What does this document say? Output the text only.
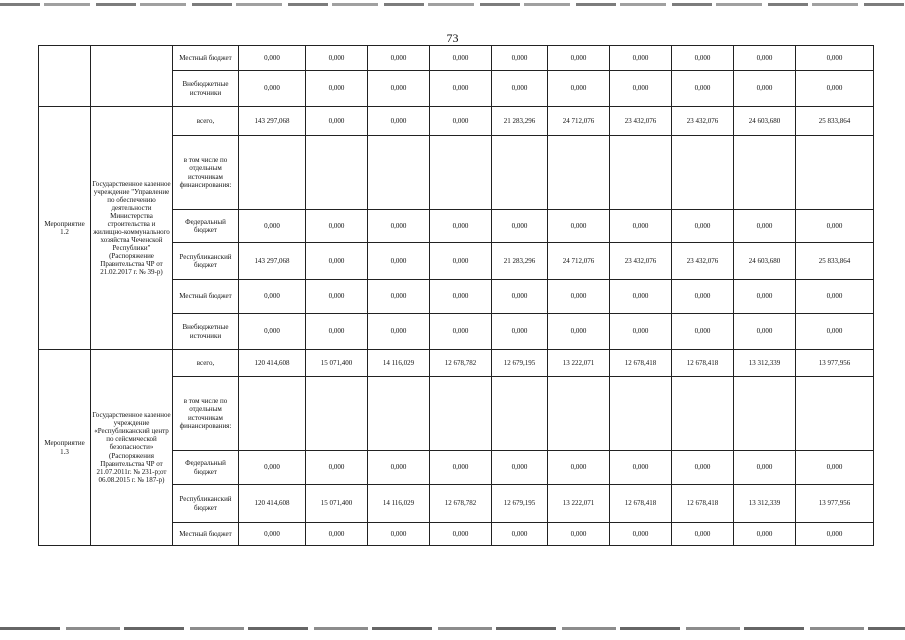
73
		Местный бюджет	0,000	0,000	0,000	0,000	0,000	0,000	0,000	0,000	0,000	0,000
		Внебюджетные источники	0,000	0,000	0,000	0,000	0,000	0,000	0,000	0,000	0,000	0,000
Мероприятие 1.2	Государственное казенное учреждение "Управление по обеспечению деятельности Министерства строительства и жилищно-коммунального хозяйства Чеченской Республики" (Распоряжение Правительства ЧР от 21.02.2017 г. № 39-р)	всего,	143 297,068	0,000	0,000	0,000	21 283,296	24 712,076	23 432,076	23 432,076	24 603,680	25 833,864
		в том числе по отдельным источникам финансирования:										
		Федеральный бюджет	0,000	0,000	0,000	0,000	0,000	0,000	0,000	0,000	0,000	0,000
		Республиканский бюджет	143 297,068	0,000	0,000	0,000	21 283,296	24 712,076	23 432,076	23 432,076	24 603,680	25 833,864
		Местный бюджет	0,000	0,000	0,000	0,000	0,000	0,000	0,000	0,000	0,000	0,000
		Внебюджетные источники	0,000	0,000	0,000	0,000	0,000	0,000	0,000	0,000	0,000	0,000
Мероприятие 1.3	Государственное казенное учреждение «Республиканский центр по сейсмической безопасности» (Распоряжения Правительства ЧР от 21.07.2011г. № 231-р;от 06.08.2015 г. № 187-р)	всего,	120 414,608	15 071,400	14 116,029	12 678,782	12 679,195	13 222,071	12 678,418	12 678,418	13 312,339	13 977,956
		в том числе по отдельным источникам финансирования:										
		Федеральный бюджет	0,000	0,000	0,000	0,000	0,000	0,000	0,000	0,000	0,000	0,000
		Республиканский бюджет	120 414,608	15 071,400	14 116,029	12 678,782	12 679,195	13 222,071	12 678,418	12 678,418	13 312,339	13 977,956
		Местный бюджет	0,000	0,000	0,000	0,000	0,000	0,000	0,000	0,000	0,000	0,000
